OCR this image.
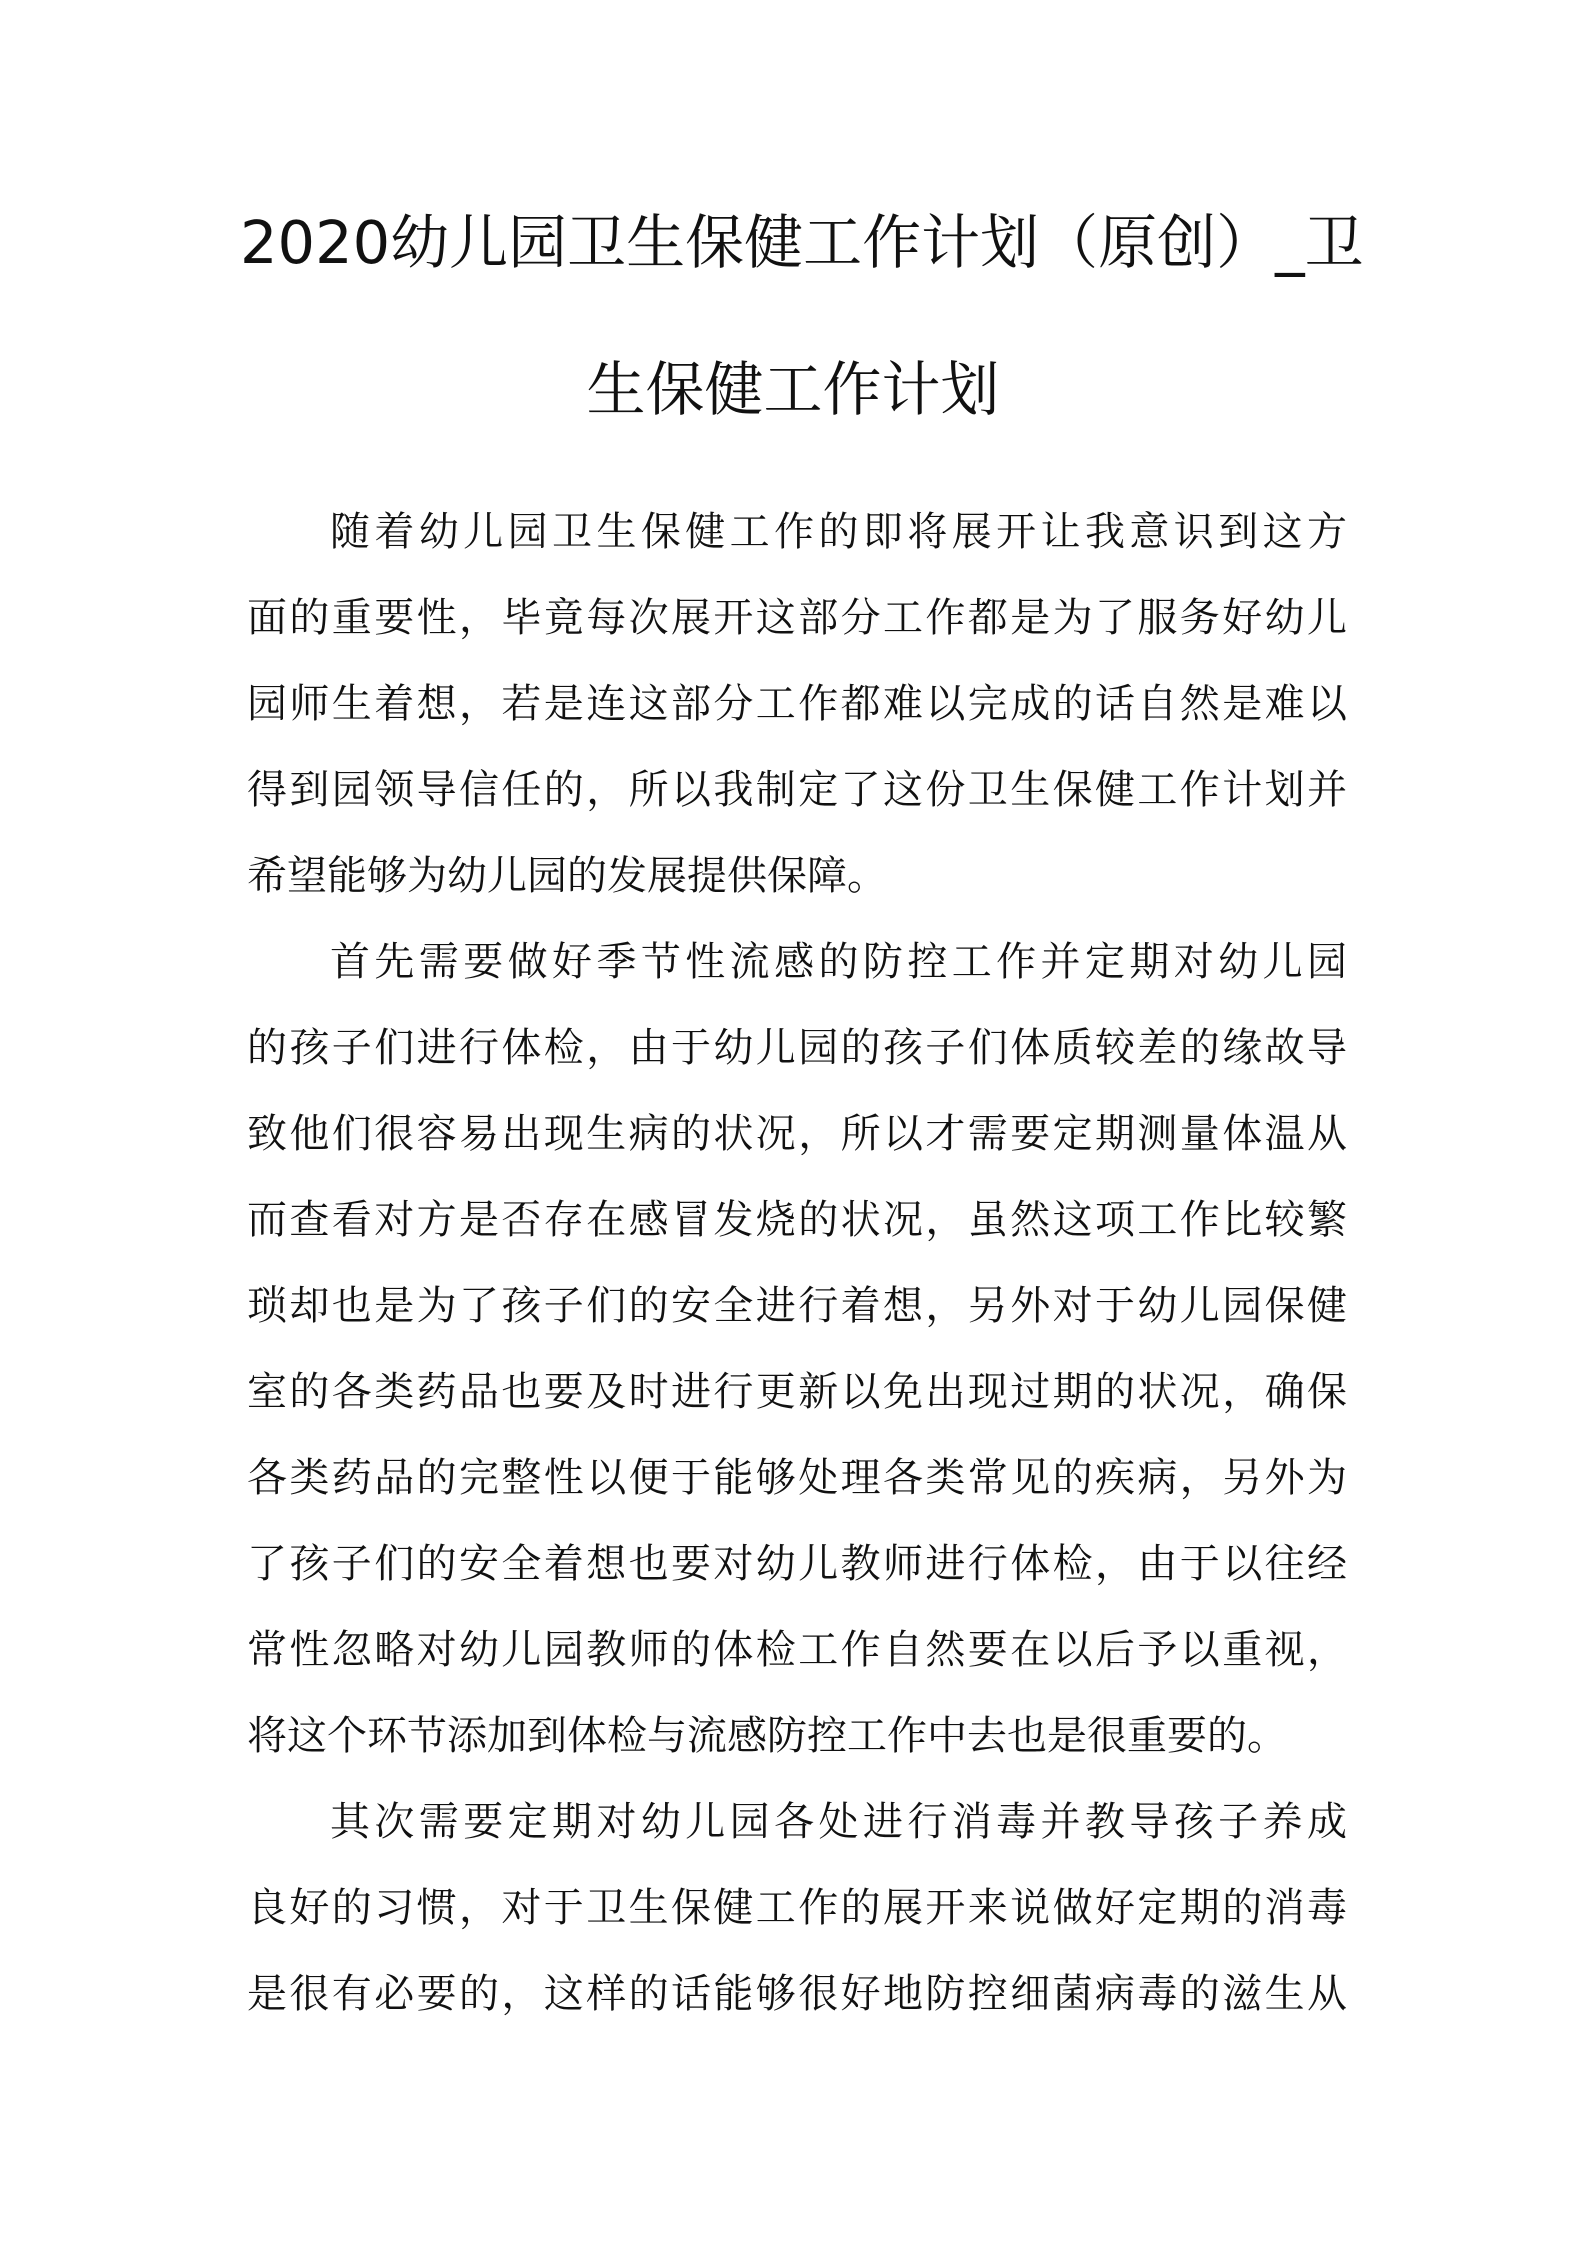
2020幼儿园卫生保健工作计划（原创）_卫
生保健工作计划
随着幼儿园卫生保健工作的即将展开让我意识到这方
面的重要性，毕竟每次展开这部分工作都是为了服务好幼儿
园师生着想，若是连这部分工作都难以完成的话自然是难以
得到园领导信任的，所以我制定了这份卫生保健工作计划并
希望能够为幼儿园的发展提供保障。
首先需要做好季节性流感的防控工作并定期对幼儿园
的孩子们进行体检，由于幼儿园的孩子们体质较差的缘故导
致他们很容易出现生病的状况，所以才需要定期测量体温从
而查看对方是否存在感冒发烧的状况，虽然这项工作比较繁
琐却也是为了孩子们的安全进行着想，另外对于幼儿园保健
室的各类药品也要及时进行更新以免出现过期的状况，确保
各类药品的完整性以便于能够处理各类常见的疾病，另外为
了孩子们的安全着想也要对幼儿教师进行体检，由于以往经
常性忽略对幼儿园教师的体检工作自然要在以后予以重视，
将这个环节添加到体检与流感防控工作中去也是很重要的。
其次需要定期对幼儿园各处进行消毒并教导孩子养成
良好的习惯，对于卫生保健工作的展开来说做好定期的消毒
是很有必要的，这样的话能够很好地防控细菌病毒的滋生从
